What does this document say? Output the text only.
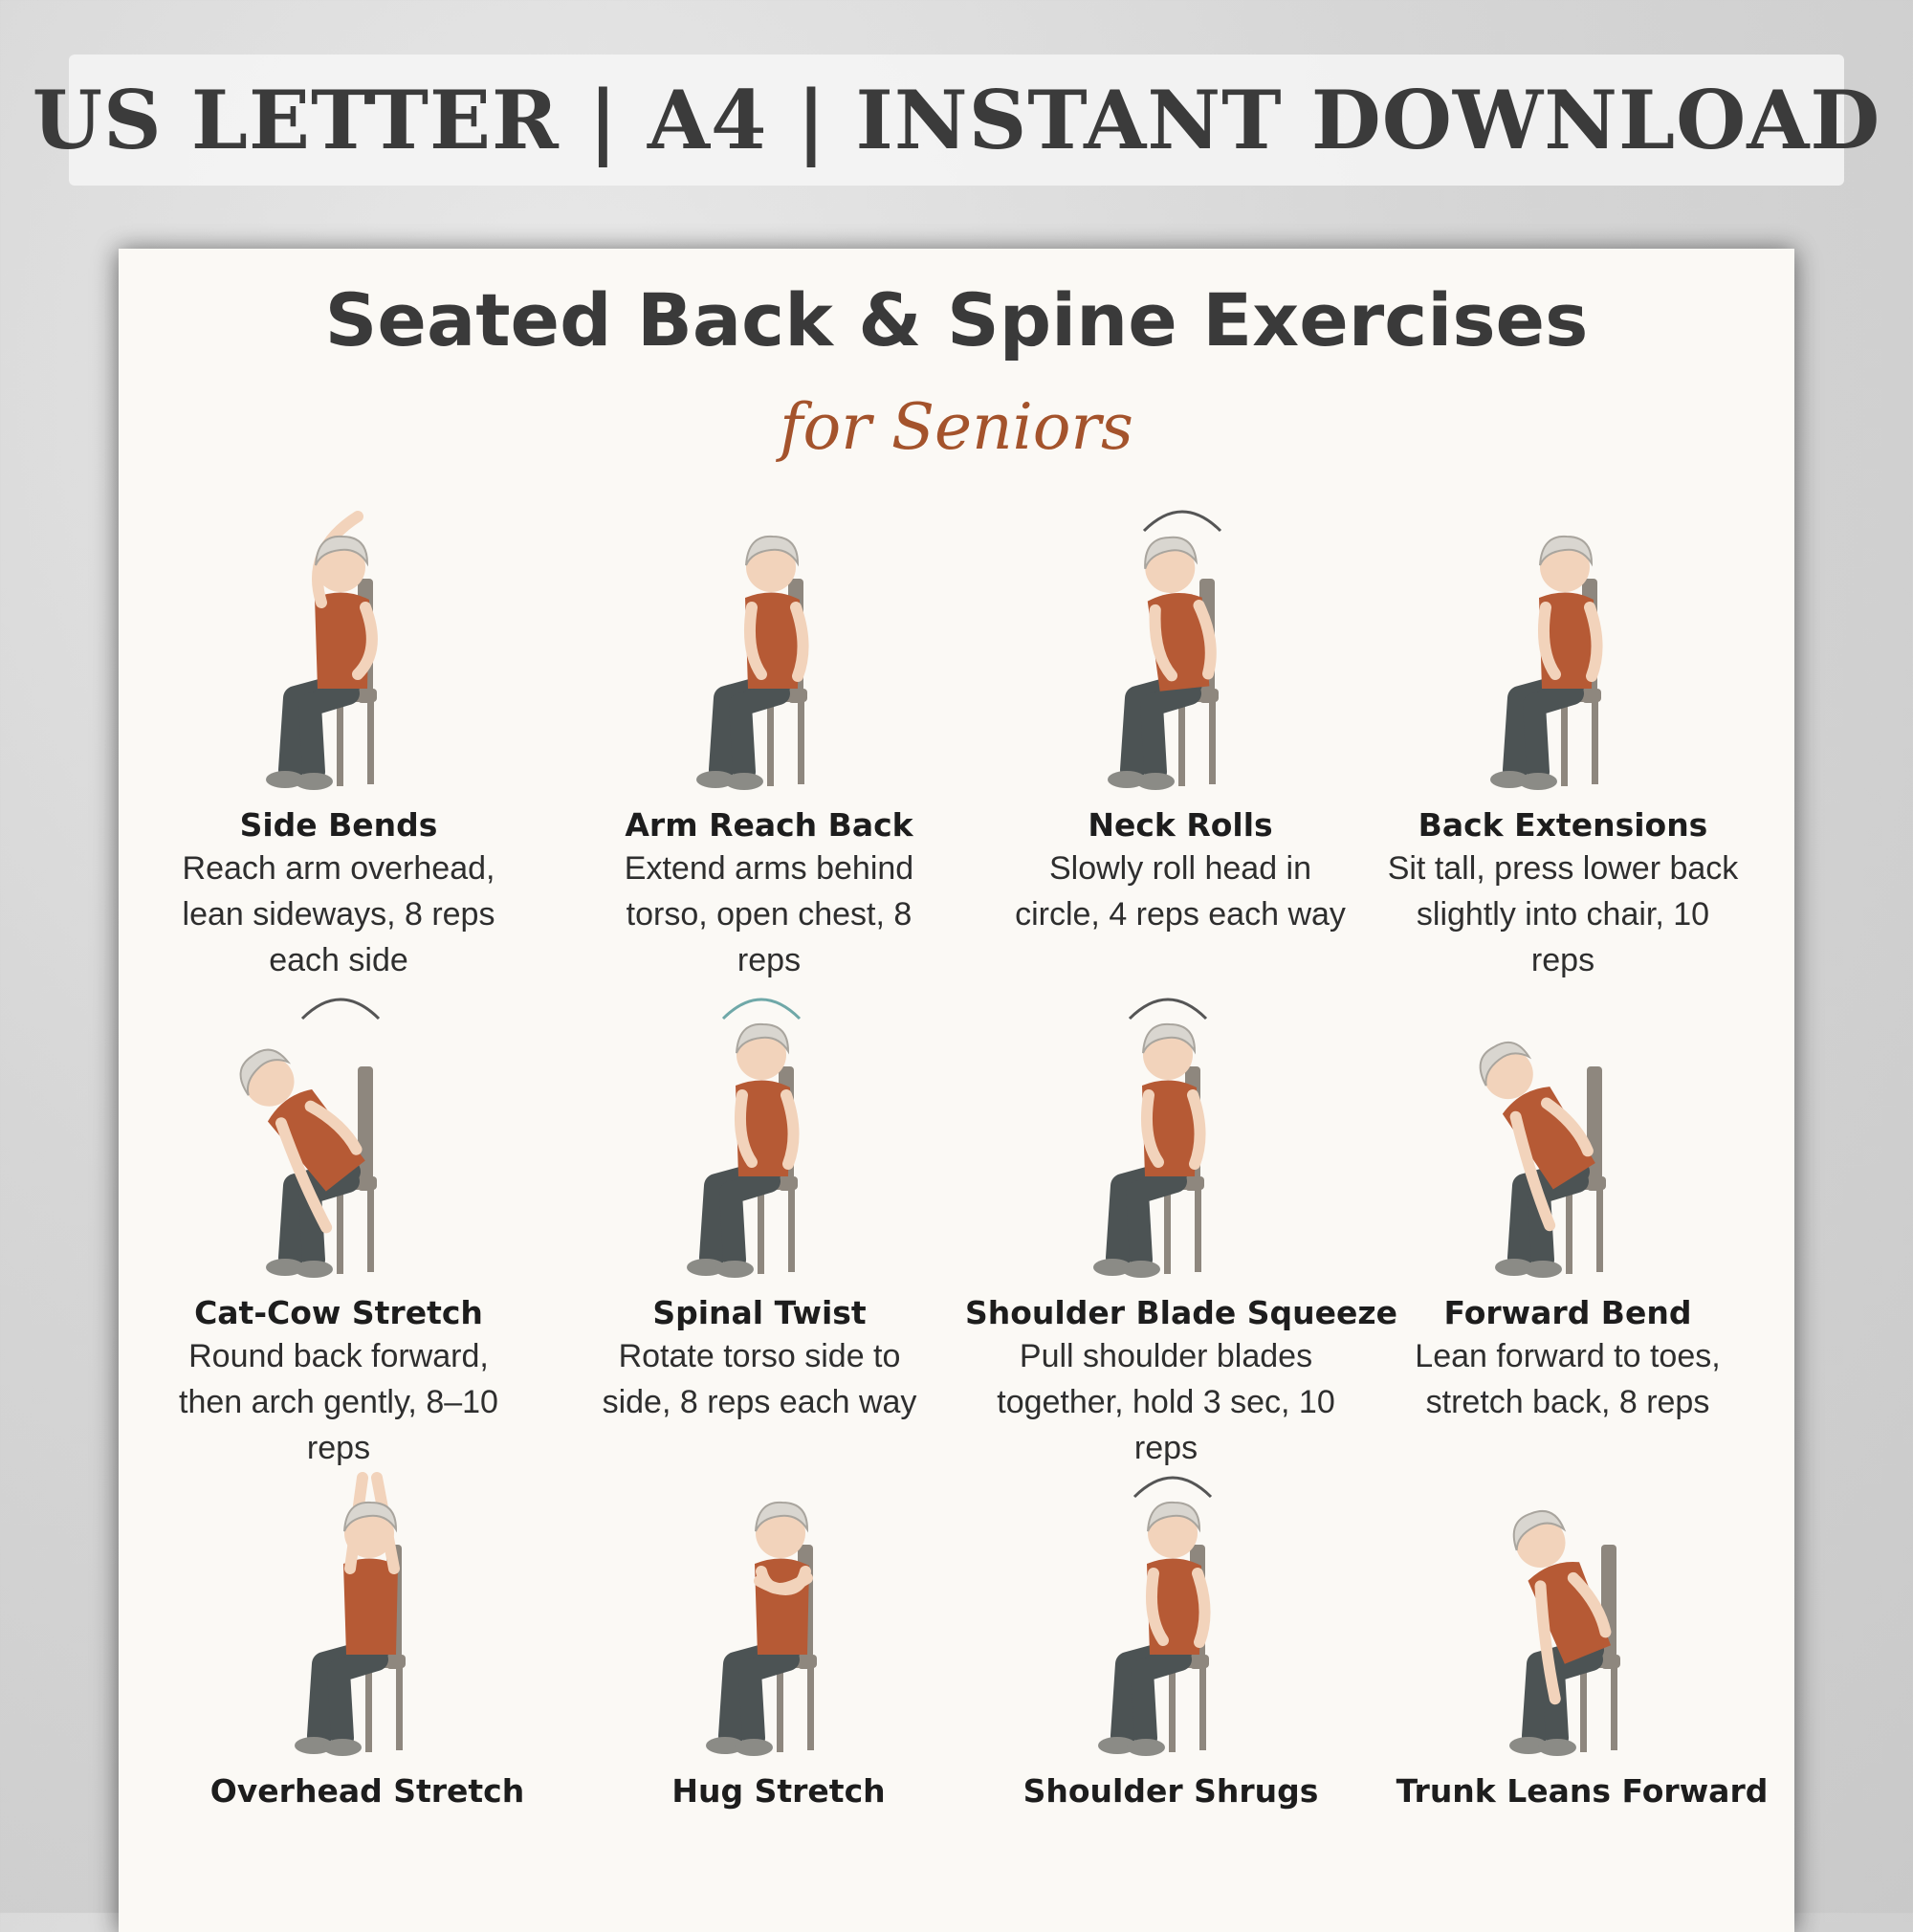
US LETTER | A4 | INSTANT DOWNLOAD
Seated Back & Spine Exercises
for Seniors
Side Bends
Reach arm overhead, lean sideways, 8 reps each side
Arm Reach Back
Extend arms behind torso, open chest, 8 reps
Neck Rolls
Slowly roll head in circle, 4 reps each way
Back Extensions
Sit tall, press lower back slightly into chair, 10 reps
Cat-Cow Stretch
Round back forward, then arch gently, 8–10 reps
Spinal Twist
Rotate torso side to side, 8 reps each way
Shoulder Blade Squeeze
Pull shoulder blades together, hold 3 sec, 10 reps
Forward Bend
Lean forward to toes, stretch back, 8 reps
Overhead Stretch	Hug Stretch	Shoulder Shrugs	Trunk Leans Forward
